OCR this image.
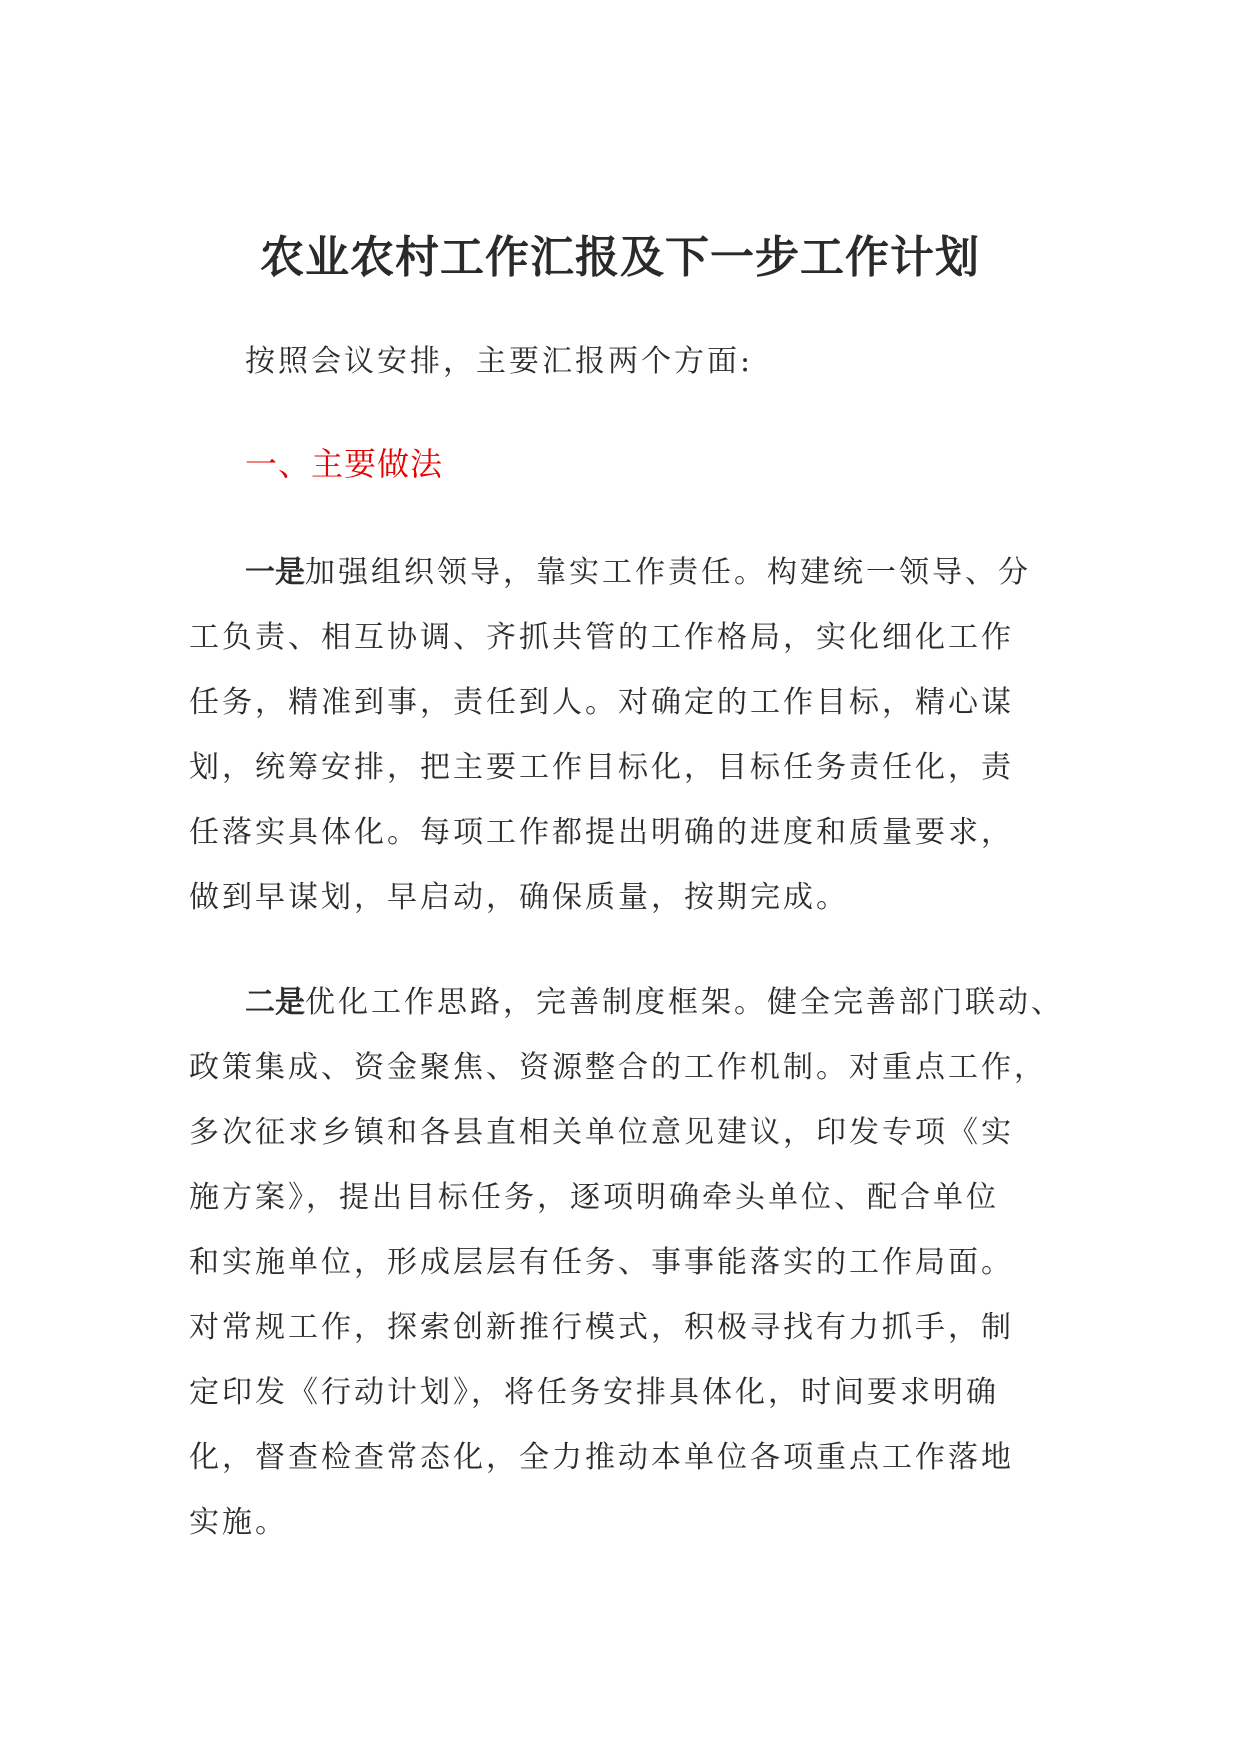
农业农村工作汇报及下一步工作计划
按照会议安排，主要汇报两个方面:
一、主要做法
一是加强组织领导，靠实工作责任。构建统一领导、分
工负责、相互协调、齐抓共管的工作格局，实化细化工作
任务，精准到事，责任到人。对确定的工作目标，精心谋
划，统筹安排，把主要工作目标化，目标任务责任化，责
任落实具体化。每项工作都提出明确的进度和质量要求，
做到早谋划，早启动，确保质量，按期完成。
二是优化工作思路，完善制度框架。健全完善部门联动、
政策集成、资金聚焦、资源整合的工作机制。对重点工作，
多次征求乡镇和各县直相关单位意见建议，印发专项《实
施方案》，提出目标任务，逐项明确牵头单位、配合单位
和实施单位，形成层层有任务、事事能落实的工作局面。
对常规工作，探索创新推行模式，积极寻找有力抓手，制
定印发《行动计划》，将任务安排具体化，时间要求明确
化，督查检查常态化，全力推动本单位各项重点工作落地
实施。
